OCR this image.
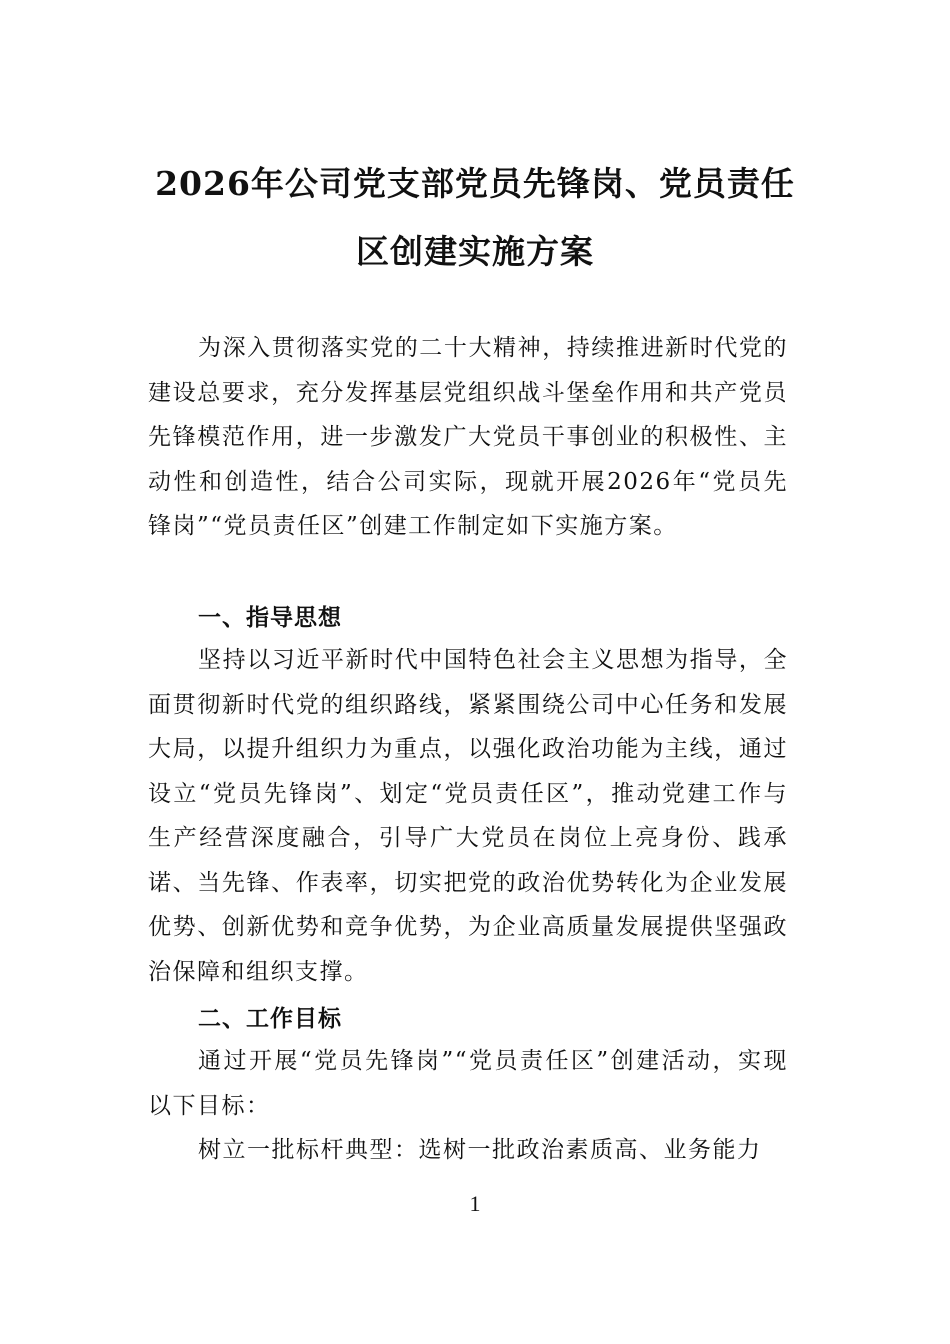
2026年公司党支部党员先锋岗、党员责任
区创建实施方案
为深入贯彻落实党的二十大精神，持续推进新时代党的建设总要求，充分发挥基层党组织战斗堡垒作用和共产党员先锋模范作用，进一步激发广大党员干事创业的积极性、主动性和创造性，结合公司实际，现就开展2026年“党员先锋岗”“党员责任区”创建工作制定如下实施方案。
一、指导思想
坚持以习近平新时代中国特色社会主义思想为指导，全面贯彻新时代党的组织路线，紧紧围绕公司中心任务和发展大局，以提升组织力为重点，以强化政治功能为主线，通过设立“党员先锋岗”、划定“党员责任区”，推动党建工作与生产经营深度融合，引导广大党员在岗位上亮身份、践承诺、当先锋、作表率，切实把党的政治优势转化为企业发展优势、创新优势和竞争优势，为企业高质量发展提供坚强政治保障和组织支撑。
二、工作目标
通过开展“党员先锋岗”“党员责任区”创建活动，实现以下目标：
树立一批标杆典型：选树一批政治素质高、业务能力
1
